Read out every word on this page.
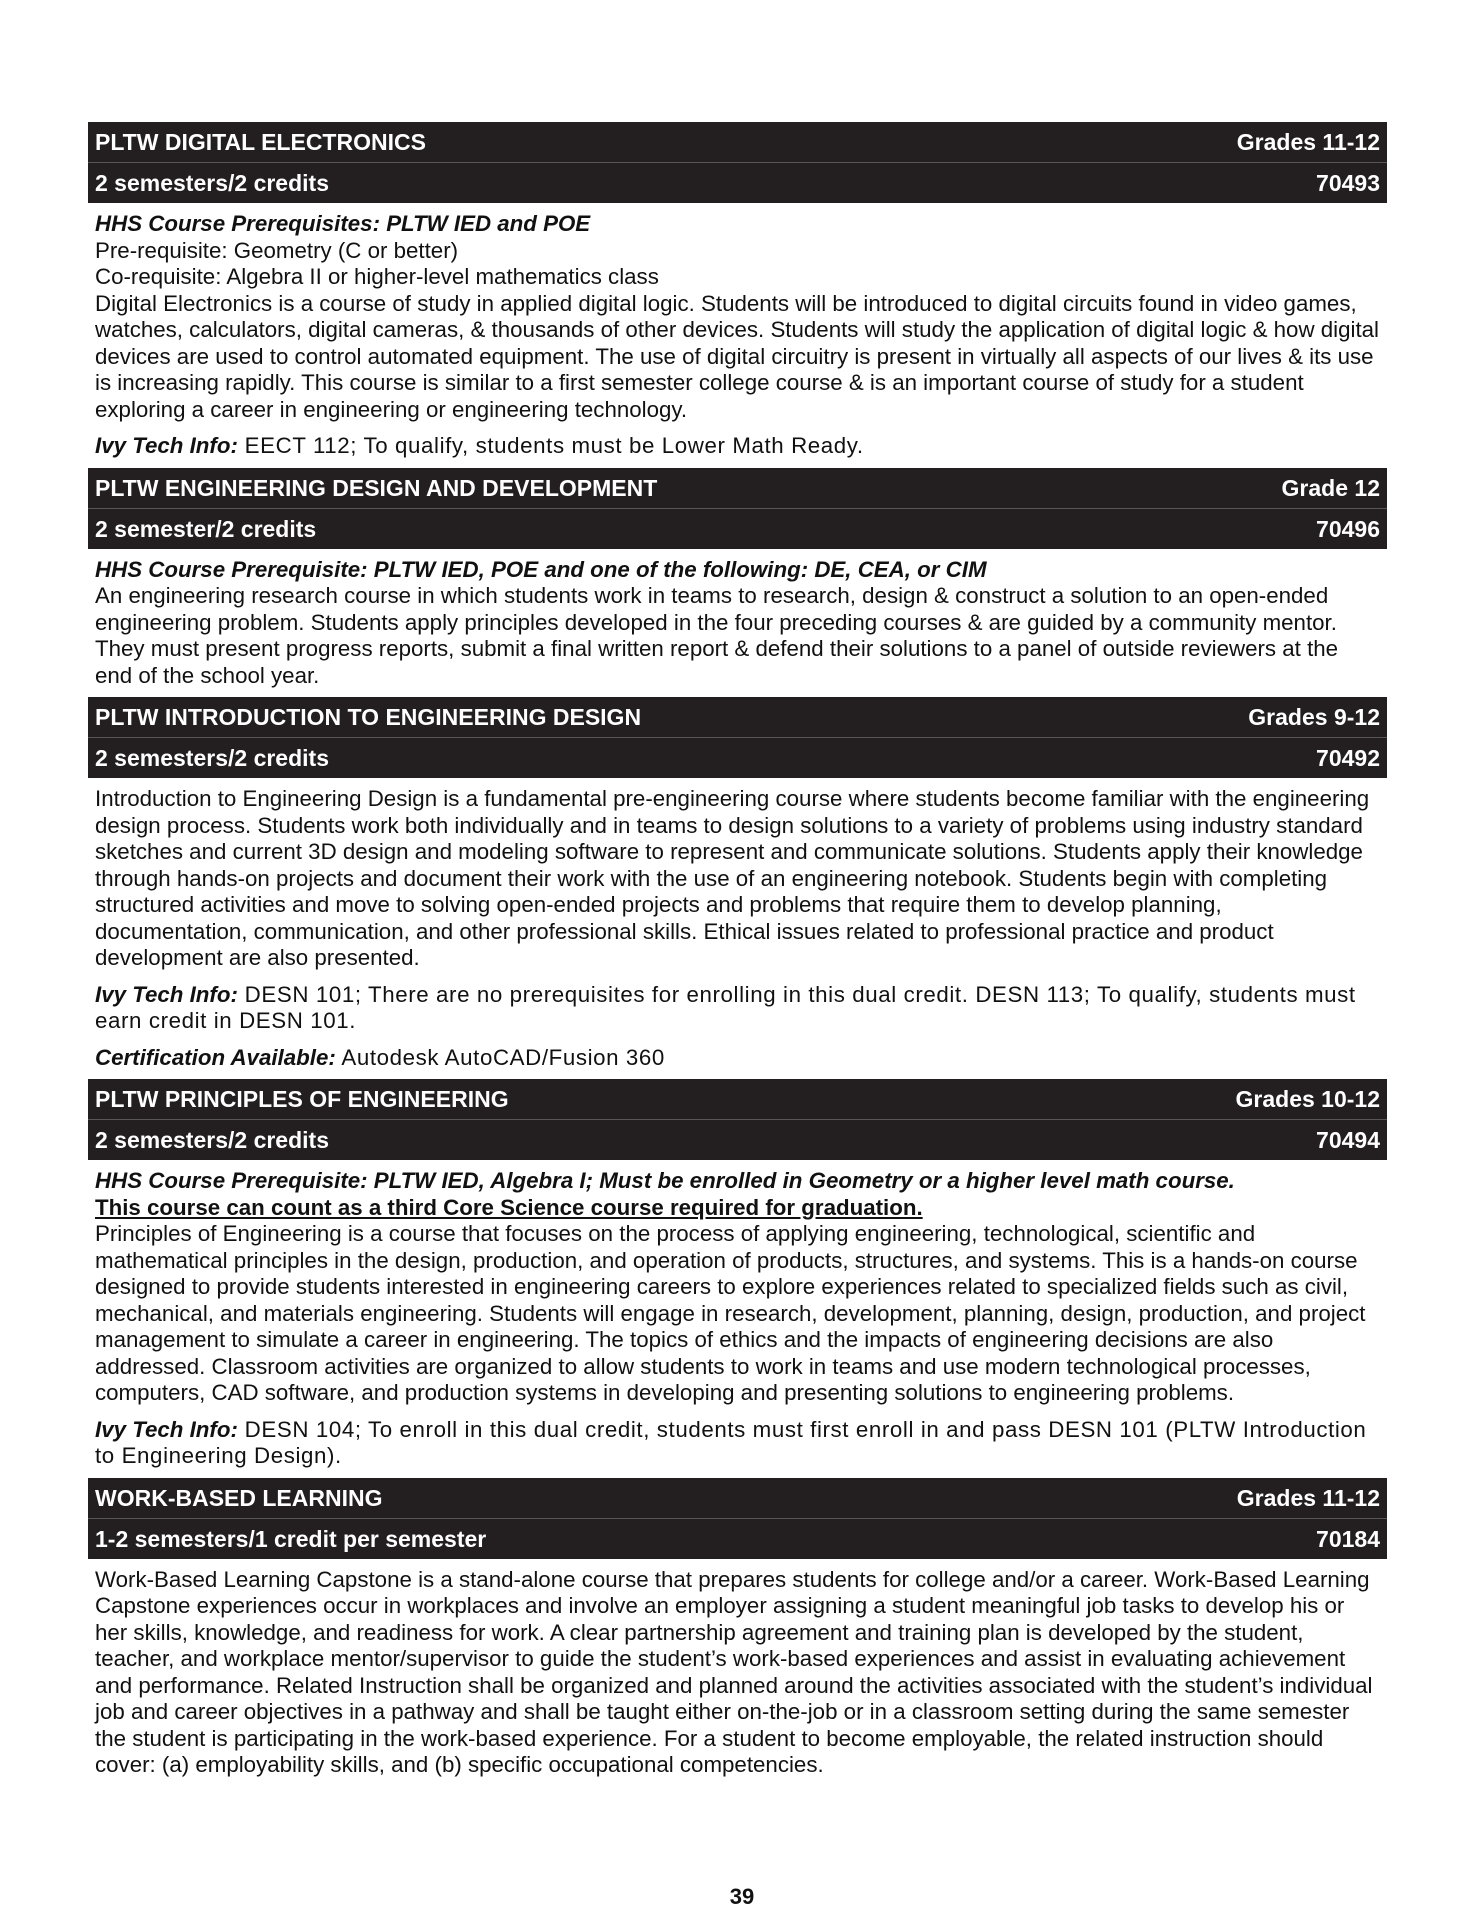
PLTW DIGITAL ELECTRONICS	Grades 11-12
2 semesters/2 credits	70493

HHS Course Prerequisites: PLTW IED and POE

Pre-requisite: Geometry (C or better)

Co-requisite: Algebra II or higher-level mathematics class

Digital Electronics is a course of study in applied digital logic. Students will be introduced to digital circuits found in video games, watches, calculators, digital cameras, & thousands of other devices. Students will study the application of digital logic & how digital devices are used to control automated equipment. The use of digital circuitry is present in virtually all aspects of our lives & its use is increasing rapidly. This course is similar to a first semester college course & is an important course of study for a student exploring a career in engineering or engineering technology.

Ivy Tech Info: EECT 112; To qualify, students must be Lower Math Ready.

PLTW ENGINEERING DESIGN AND DEVELOPMENT	Grade 12
2 semester/2 credits	70496

HHS Course Prerequisite: PLTW IED, POE and one of the following: DE, CEA, or CIM

An engineering research course in which students work in teams to research, design & construct a solution to an open-ended engineering problem. Students apply principles developed in the four preceding courses & are guided by a community mentor. They must present progress reports, submit a final written report & defend their solutions to a panel of outside reviewers at the end of the school year.

PLTW INTRODUCTION TO ENGINEERING DESIGN	Grades 9-12
2 semesters/2 credits	70492

Introduction to Engineering Design is a fundamental pre-engineering course where students become familiar with the engineering design process. Students work both individually and in teams to design solutions to a variety of problems using industry standard sketches and current 3D design and modeling software to represent and communicate solutions. Students apply their knowledge through hands-on projects and document their work with the use of an engineering notebook. Students begin with completing structured activities and move to solving open-ended projects and problems that require them to develop planning, documentation, communication, and other professional skills. Ethical issues related to professional practice and product development are also presented.

Ivy Tech Info: DESN 101; There are no prerequisites for enrolling in this dual credit. DESN 113; To qualify, students must earn credit in DESN 101.

Certification Available: Autodesk AutoCAD/Fusion 360

PLTW PRINCIPLES OF ENGINEERING	Grades 10-12
2 semesters/2 credits	70494

HHS Course Prerequisite: PLTW IED, Algebra I; Must be enrolled in Geometry or a higher level math course.

This course can count as a third Core Science course required for graduation.

Principles of Engineering is a course that focuses on the process of applying engineering, technological, scientific and mathematical principles in the design, production, and operation of products, structures, and systems. This is a hands-on course designed to provide students interested in engineering careers to explore experiences related to specialized fields such as civil, mechanical, and materials engineering. Students will engage in research, development, planning, design, production, and project management to simulate a career in engineering. The topics of ethics and the impacts of engineering decisions are also addressed. Classroom activities are organized to allow students to work in teams and use modern technological processes, computers, CAD software, and production systems in developing and presenting solutions to engineering problems.

Ivy Tech Info: DESN 104; To enroll in this dual credit, students must first enroll in and pass DESN 101 (PLTW Introduction to Engineering Design).

WORK-BASED LEARNING	Grades 11-12
1-2 semesters/1 credit per semester	70184

Work-Based Learning Capstone is a stand-alone course that prepares students for college and/or a career. Work-Based Learning Capstone experiences occur in workplaces and involve an employer assigning a student meaningful job tasks to develop his or her skills, knowledge, and readiness for work. A clear partnership agreement and training plan is developed by the student, teacher, and workplace mentor/supervisor to guide the student’s work-based experiences and assist in evaluating achievement and performance. Related Instruction shall be organized and planned around the activities associated with the student’s individual job and career objectives in a pathway and shall be taught either on-the-job or in a classroom setting during the same semester the student is participating in the work-based experience. For a student to become employable, the related instruction should cover: (a) employability skills, and (b) specific occupational competencies.

39
